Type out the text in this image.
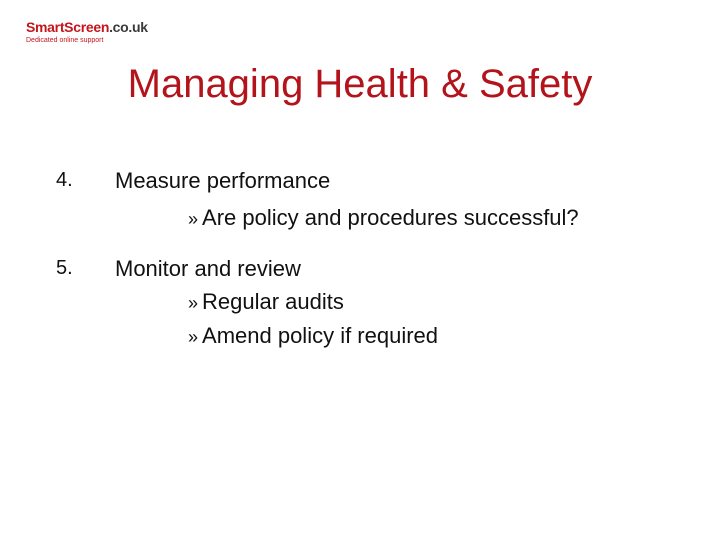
SmartScreen.co.uk
Dedicated online support
Managing Health & Safety
4. Measure performance
» Are policy and procedures successful?
5. Monitor and review
» Regular audits
» Amend policy if required
